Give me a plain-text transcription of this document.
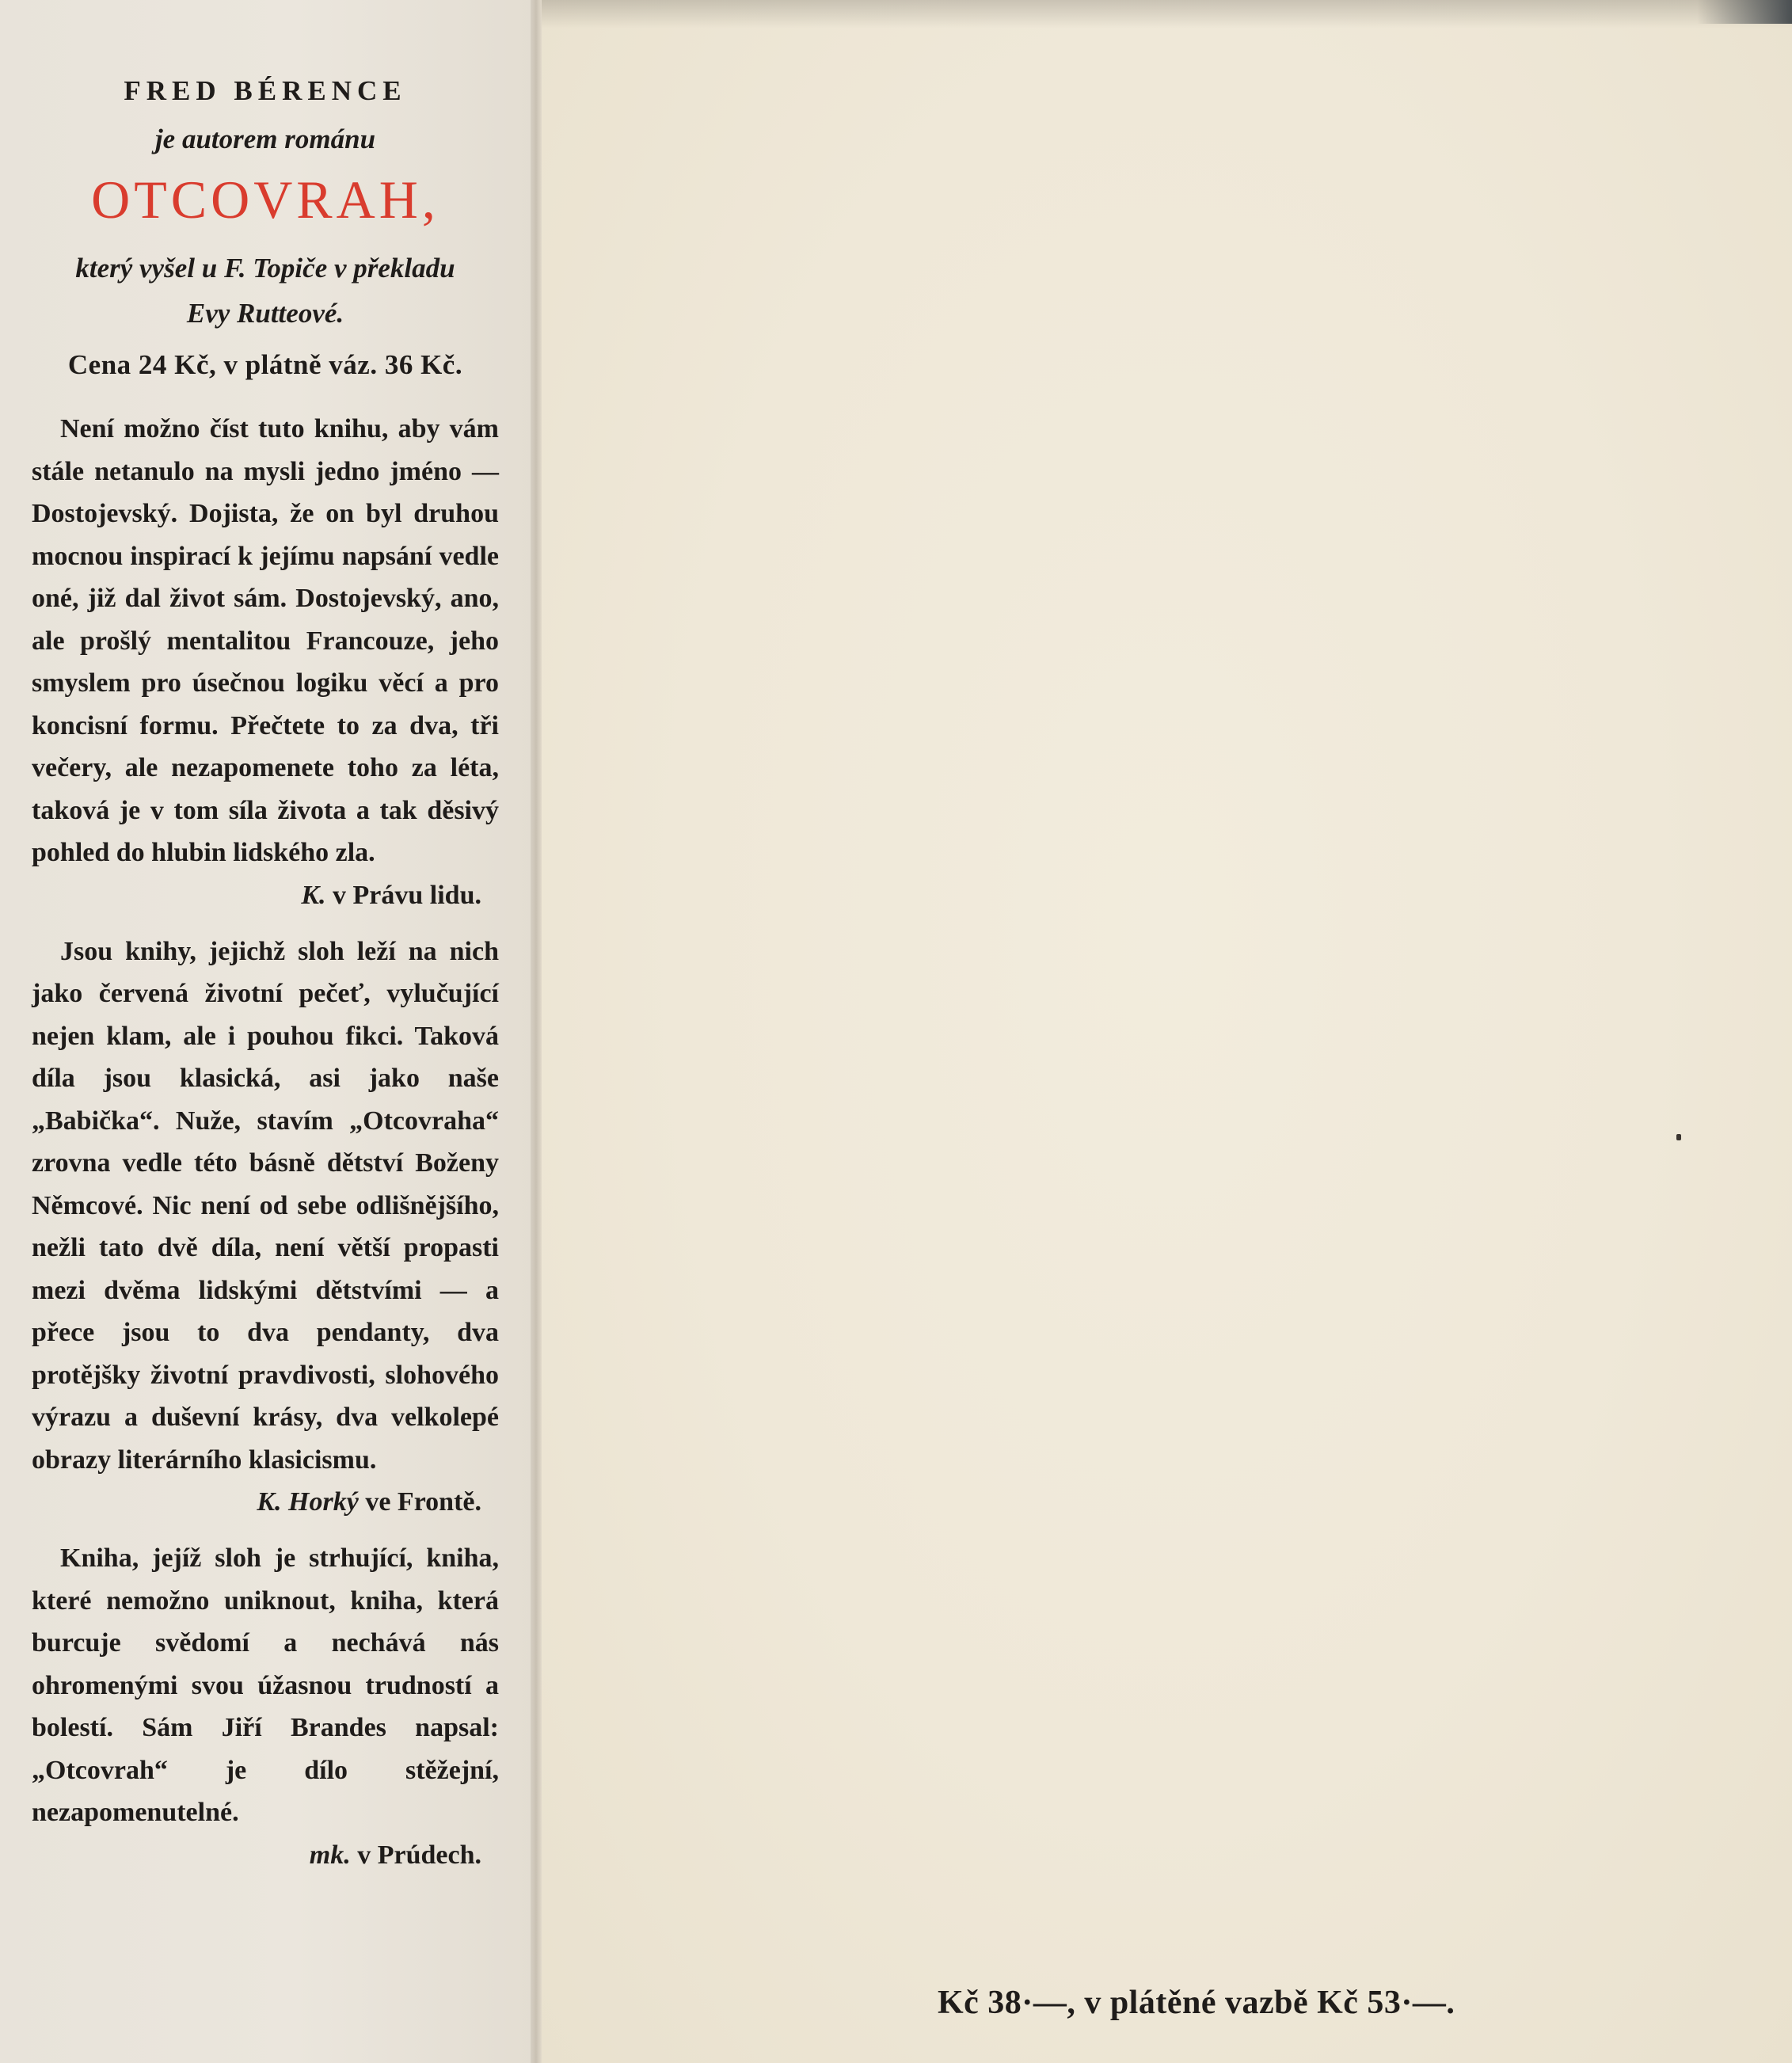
FRED BÉRENCE
je autorem románu
OTCOVRAH,
který vyšel u F. Topiče v překladu
Evy Rutteové.
Cena 24 Kč, v plátně váz. 36 Kč.
Není možno číst tuto knihu, aby vám stále netanulo na mysli jedno jméno — Dostojevský. Dojista, že on byl druhou mocnou inspirací k jejímu napsání vedle oné, již dal život sám. Dostojevský, ano, ale prošlý mentalitou Francouze, jeho smyslem pro úsečnou logiku věcí a pro koncisní formu. Přečtete to za dva, tři večery, ale nezapomenete toho za léta, taková je v tom síla života a tak děsivý pohled do hlubin lidského zla.
K. v Právu lidu.
Jsou knihy, jejichž sloh leží na nich jako červená životní pečeť, vylučující nejen klam, ale i pouhou fikci. Taková díla jsou klasická, asi jako naše „Babička“. Nuže, stavím „Otcovraha“ zrovna vedle této básně dětství Boženy Němcové. Nic není od sebe odlišnějšího, nežli tato dvě díla, není větší propasti mezi dvěma lidskými dětstvími — a přece jsou to dva pendanty, dva protějšky životní pravdivosti, slohového výrazu a duševní krásy, dva velkolepé obrazy literárního klasicismu.
K. Horký ve Frontě.
Kniha, jejíž sloh je strhující, kniha, které nemožno uniknout, kniha, která burcuje svědomí a nechává nás ohromenými svou úžasnou trudností a bolestí. Sám Jiří Brandes napsal: „Otcovrah“ je dílo stěžejní, nezapomenutelné.
mk. v Prúdech.
Kč 38·—, v plátěné vazbě Kč 53·—.
